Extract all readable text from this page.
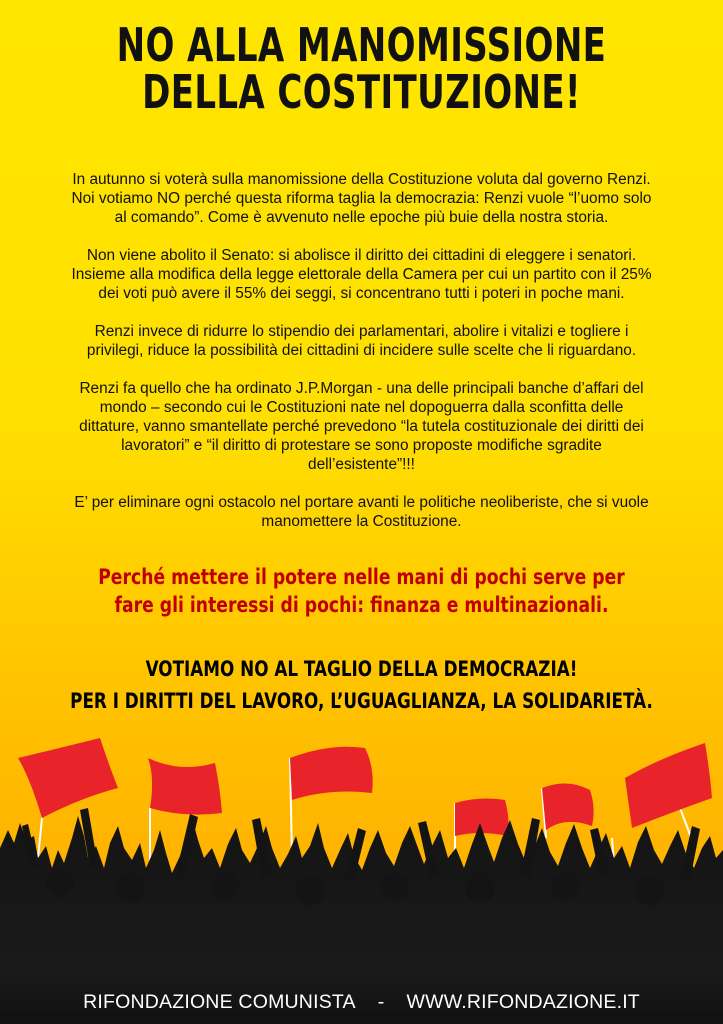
NO ALLA MANOMISSIONE
DELLA COSTITUZIONE!

In autunno si voterà sulla manomissione della Costituzione voluta dal governo Renzi.
Noi votiamo NO perché questa riforma taglia la democrazia: Renzi vuole “l’uomo solo
al comando”. Come è avvenuto nelle epoche più buie della nostra storia.

Non viene abolito il Senato: si abolisce il diritto dei cittadini di eleggere i senatori.
Insieme alla modifica della legge elettorale della Camera per cui un partito con il 25%
dei voti può avere il 55% dei seggi, si concentrano tutti i poteri in poche mani.

Renzi invece di ridurre lo stipendio dei parlamentari, abolire i vitalizi e togliere i
privilegi, riduce la possibilità dei cittadini di incidere sulle scelte che li riguardano.

Renzi fa quello che ha ordinato J.P.Morgan - una delle principali banche d’affari del
mondo – secondo cui le Costituzioni nate nel dopoguerra dalla sconfitta delle
dittature, vanno smantellate perché prevedono “la tutela costituzionale dei diritti dei
lavoratori” e “il diritto di protestare se sono proposte modifiche sgradite
dell’esistente”!!!

E’ per eliminare ogni ostacolo nel portare avanti le politiche neoliberiste, che si vuole
manomettere la Costituzione.

Perché mettere il potere nelle mani di pochi serve per
fare gli interessi di pochi: finanza e multinazionali.
VOTIAMO NO AL TAGLIO DELLA DEMOCRAZIA!
PER I DIRITTI DEL LAVORO, L’UGUAGLIANZA, LA SOLIDARIETÀ.
RIFONDAZIONE COMUNISTA - WWW.RIFONDAZIONE.IT
